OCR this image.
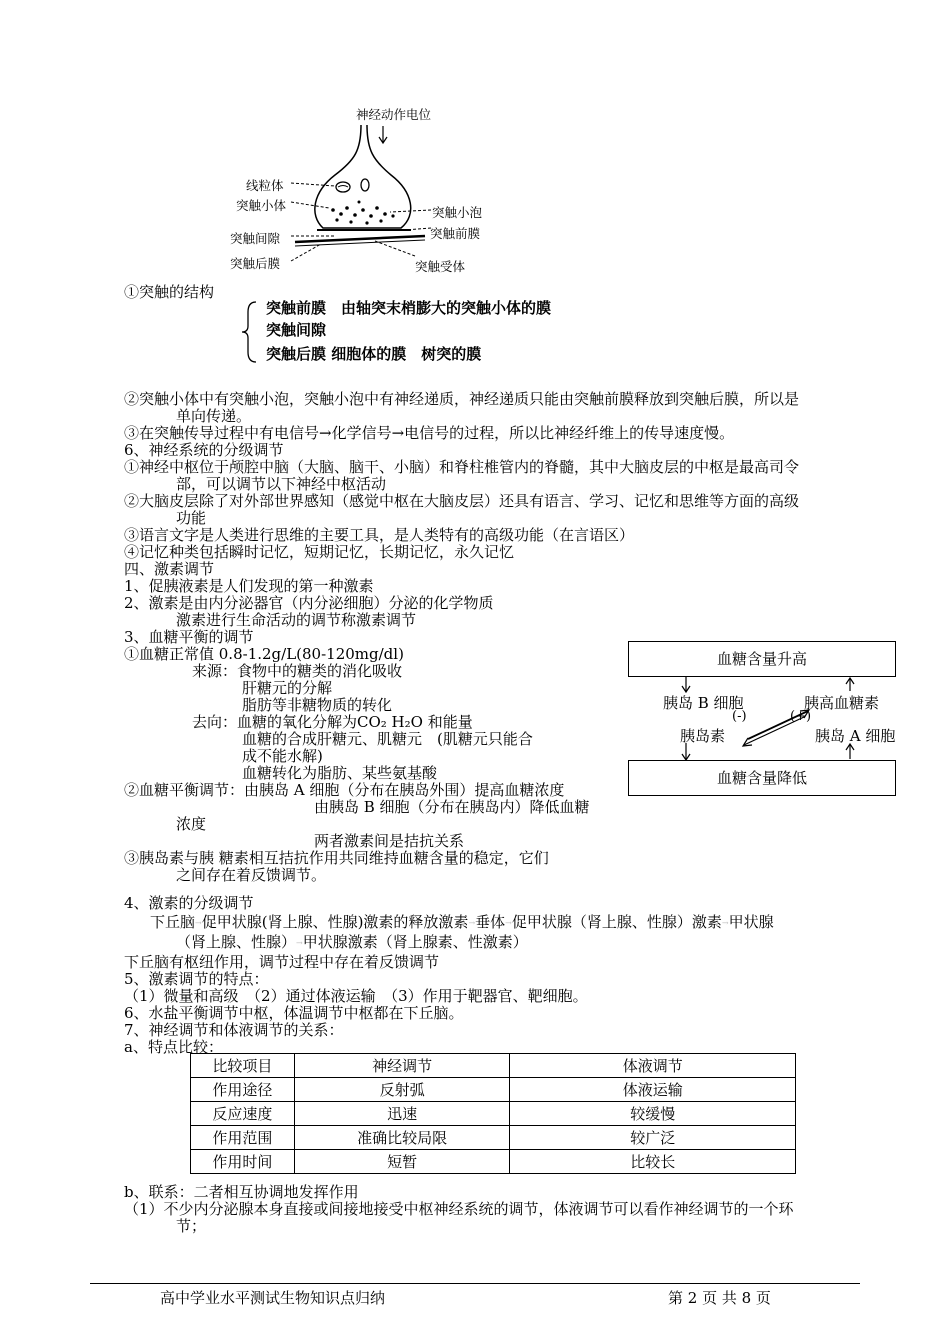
神经动作电位
线粒体
突触小体
突触间隙
突触后膜
突触小泡
突触前膜
突触受体
①突触的结构
突触前膜　由轴突末梢膨大的突触小体的膜
突触间隙
突触后膜 细胞体的膜　树突的膜
②突触小体中有突触小泡，突触小泡中有神经递质，神经递质只能由突触前膜释放到突触后膜，所以是
单向传递。
③在突触传导过程中有电信号→化学信号→电信号的过程，所以比神经纤维上的传导速度慢。
6、神经系统的分级调节
①神经中枢位于颅腔中脑（大脑、脑干、小脑）和脊柱椎管内的脊髓，其中大脑皮层的中枢是最高司令
部，可以调节以下神经中枢活动
②大脑皮层除了对外部世界感知（感觉中枢在大脑皮层）还具有语言、学习、记忆和思维等方面的高级
功能
③语言文字是人类进行思维的主要工具，是人类特有的高级功能（在言语区）
④记忆种类包括瞬时记忆，短期记忆，长期记忆，永久记忆
四、激素调节
1、促胰液素是人们发现的第一种激素
2、激素是由内分泌器官（内分泌细胞）分泌的化学物质
激素进行生命活动的调节称激素调节
3、血糖平衡的调节
①血糖正常值 0.8-1.2g/L(80-120mg/dl)
来源：食物中的糖类的消化吸收
肝糖元的分解
脂肪等非糖物质的转化
去向：血糖的氧化分解为CO₂ H₂O 和能量
血糖的合成肝糖元、肌糖元　(肌糖元只能合
成不能水解)
血糖转化为脂肪、某些氨基酸
②血糖平衡调节：由胰岛 A 细胞（分布在胰岛外围）提高血糖浓度
由胰岛 B 细胞（分布在胰岛内）降低血糖
浓度
两者激素间是拮抗关系
③胰岛素与胰 糖素相互拮抗作用共同维持血糖含量的稳定，它们
之间存在着反馈调节。
血糖含量升高
血糖含量降低
胰岛 B 细胞
胰岛素
胰高血糖素
胰岛 A 细胞
(-)	(+)
4、激素的分级调节
下丘脑→促甲状腺(肾上腺、性腺)激素的释放激素→垂体→促甲状腺（肾上腺、性腺）激素→甲状腺
（肾上腺、性腺）→甲状腺激素（肾上腺素、性激素）
下丘脑有枢纽作用，调节过程中存在着反馈调节
5、激素调节的特点：
（1）微量和高级　（2）通过体液运输　（3）作用于靶器官、靶细胞。
6、水盐平衡调节中枢，体温调节中枢都在下丘脑。
7、神经调节和体液调节的关系：
a、特点比较：
比较项目	神经调节	体液调节
作用途径	反射弧	体液运输
反应速度	迅速	较缓慢
作用范围	准确比较局限	较广泛
作用时间	短暂	比较长
b、联系：二者相互协调地发挥作用
（1）不少内分泌腺本身直接或间接地接受中枢神经系统的调节，体液调节可以看作神经调节的一个环
节；
高中学业水平测试生物知识点归纳	第 2 页 共 8 页
